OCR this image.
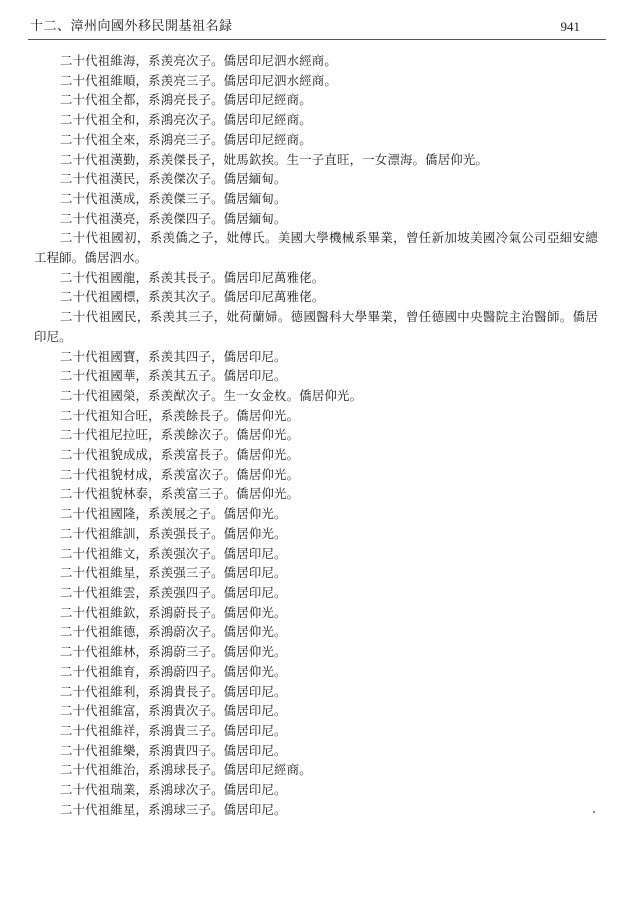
十二、漳州向國外移民開基祖名録	941

二十代祖維海，系羡亮次子。僑居印尼泗水經商。

二十代祖維順，系羡亮三子。僑居印尼泗水經商。

二十代祖全都，系鴻亮長子。僑居印尼經商。

二十代祖全和，系鴻亮次子。僑居印尼經商。

二十代祖全來，系鴻亮三子。僑居印尼經商。

二十代祖漢勤，系羡傑長子，妣馬欽挨。生一子直旺，一女漂海。僑居仰光。

二十代祖漢民，系羡傑次子。僑居緬甸。

二十代祖漢成，系羡傑三子。僑居緬甸。

二十代祖漢亮，系羡傑四子。僑居緬甸。

二十代祖國初，系羡僑之子，妣傅氏。美國大學機械系畢業，曾任新加坡美國冷氣公司亞細安總工程師。僑居泗水。

二十代祖國龍，系羡其長子。僑居印尼萬雅佬。

二十代祖國標，系羡其次子。僑居印尼萬雅佬。

二十代祖國民，系羡其三子，妣荷蘭婦。德國醫科大學畢業，曾任德國中央醫院主治醫師。僑居印尼。

二十代祖國寶，系羡其四子，僑居印尼。

二十代祖國華，系羡其五子。僑居印尼。

二十代祖國榮，系羡猷次子。生一女金枚。僑居仰光。

二十代祖知合旺，系羡餘長子。僑居仰光。

二十代祖尼拉旺，系羡餘次子。僑居仰光。

二十代祖貌成成，系羡富長子。僑居仰光。

二十代祖貌材成，系羡富次子。僑居仰光。

二十代祖貌林泰，系羡富三子。僑居仰光。

二十代祖國隆，系羡展之子。僑居仰光。

二十代祖維訓，系羡强長子。僑居仰光。

二十代祖維文，系羡强次子。僑居印尼。

二十代祖維星，系羡强三子。僑居印尼。

二十代祖維雲，系羡强四子。僑居印尼。

二十代祖維欽，系鴻蔚長子。僑居仰光。

二十代祖維德，系鴻蔚次子。僑居仰光。

二十代祖維林，系鴻蔚三子。僑居仰光。

二十代祖維育，系鴻蔚四子。僑居仰光。

二十代祖維利，系鴻貴長子。僑居印尼。

二十代祖維富，系鴻貴次子。僑居印尼。

二十代祖維祥，系鴻貴三子。僑居印尼。

二十代祖維樂，系鴻貴四子。僑居印尼。

二十代祖維治，系鴻球長子。僑居印尼經商。

二十代祖瑞業，系鴻球次子。僑居印尼。

二十代祖維星，系鴻球三子。僑居印尼。
